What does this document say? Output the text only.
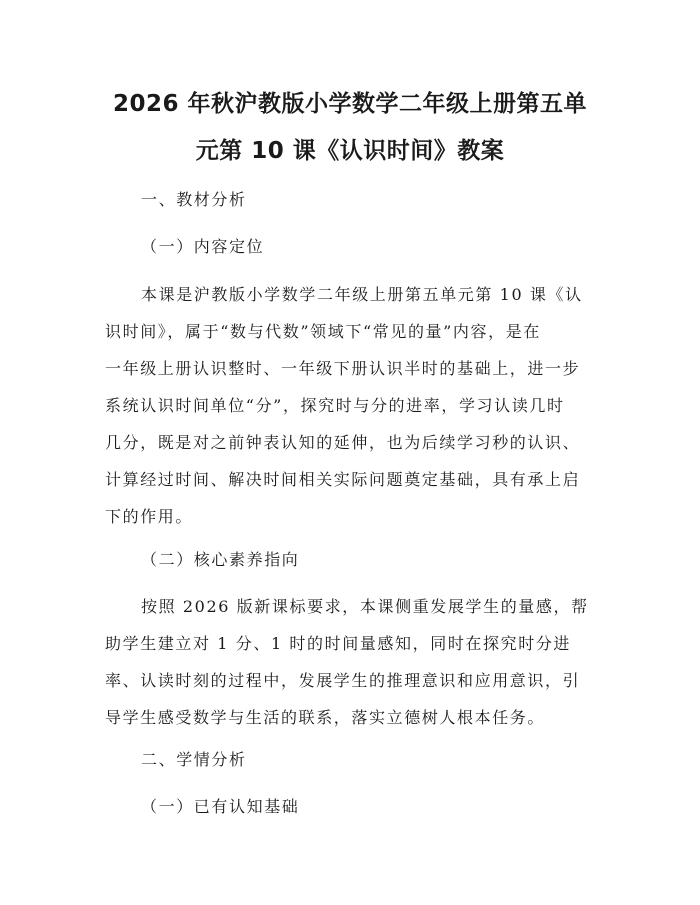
2026 年秋沪教版小学数学二年级上册第五单
元第 10 课《认识时间》教案
一、教材分析
（一）内容定位
本课是沪教版小学数学二年级上册第五单元第 10 课《认
识时间》，属于“数与代数”领域下“常见的量”内容，是在
一年级上册认识整时、一年级下册认识半时的基础上，进一步
系统认识时间单位“分”，探究时与分的进率，学习认读几时
几分，既是对之前钟表认知的延伸，也为后续学习秒的认识、
计算经过时间、解决时间相关实际问题奠定基础，具有承上启
下的作用。
（二）核心素养指向
按照 2026 版新课标要求，本课侧重发展学生的量感，帮
助学生建立对 1 分、1 时的时间量感知，同时在探究时分进
率、认读时刻的过程中，发展学生的推理意识和应用意识，引
导学生感受数学与生活的联系，落实立德树人根本任务。
二、学情分析
（一）已有认知基础
